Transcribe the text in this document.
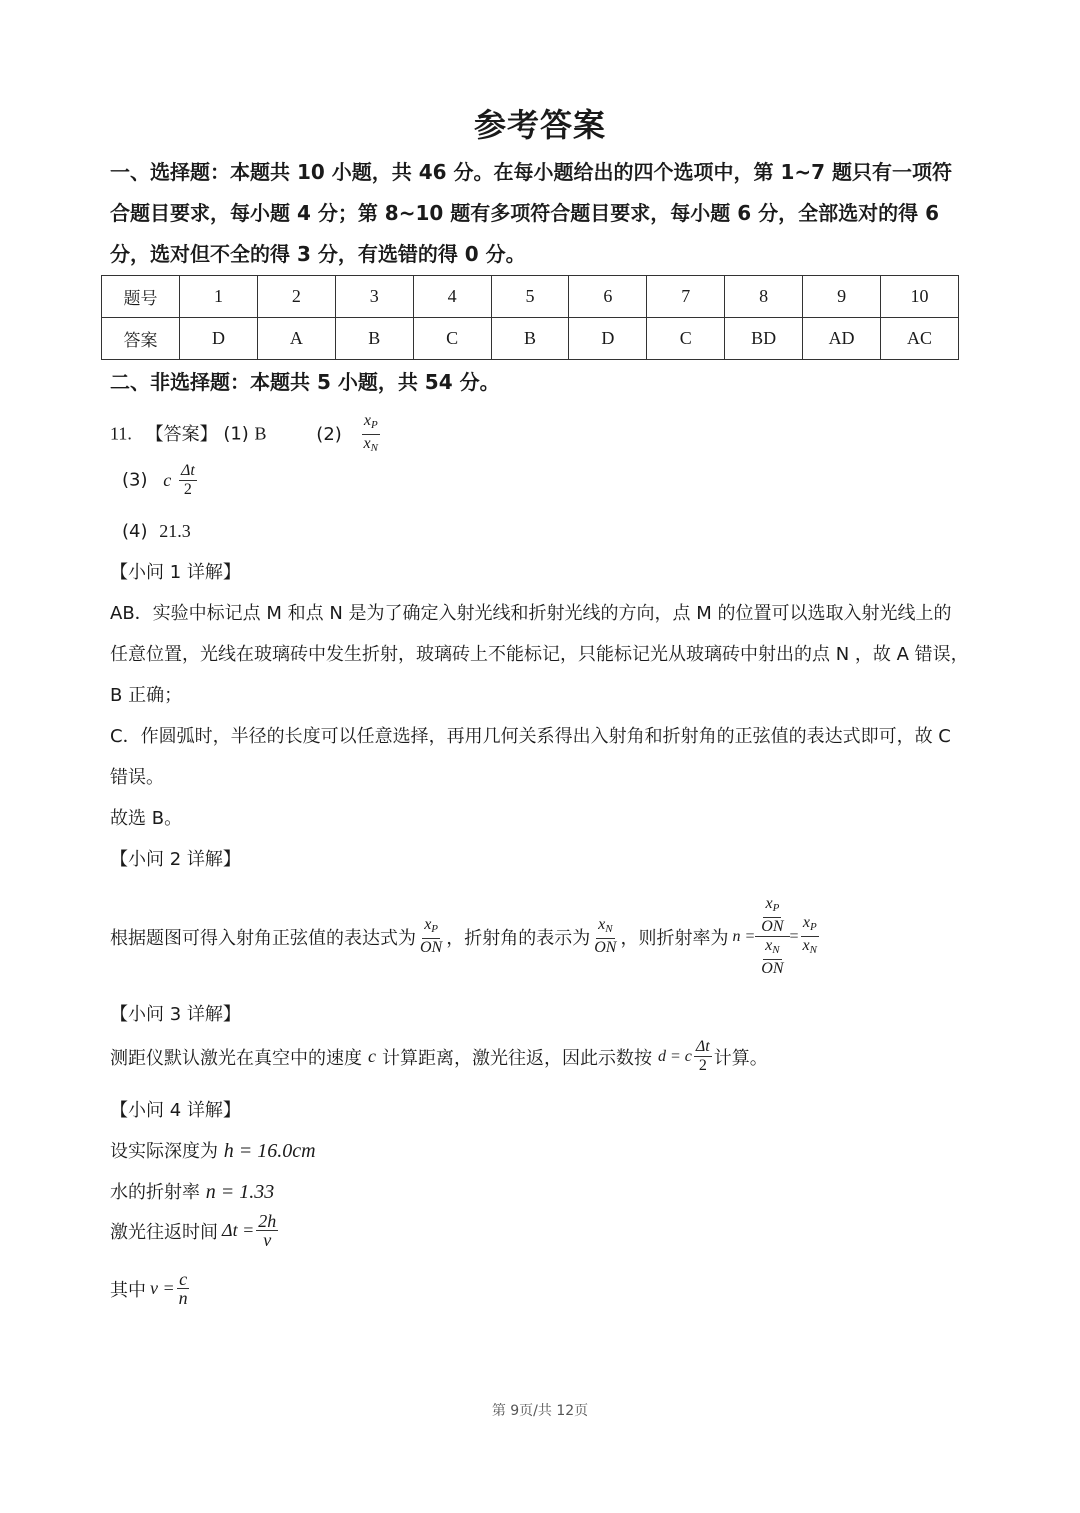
参考答案
一、选择题：本题共 10 小题，共 46 分。在每小题给出的四个选项中，第 1~7 题只有一项符合题目要求，每小题 4 分；第 8~10 题有多项符合题目要求，每小题 6 分，全部选对的得 6 分，选对但不全的得 3 分，有选错的得 0 分。
题号	1	2	3	4	5	6	7	8	9	10
答案	D	A	B	C	B	D	C	BD	AD	AC
二、非选择题：本题共 5 小题，共 54 分。
11. 【答案】 (1) B	$(2) \frac{x_P}{x_N}$
(3) c $\frac{\Delta t}{2}$
(4) 21.3
【小问 1 详解】
AB．实验中标记点 M 和点 N 是为了确定入射光线和折射光线的方向，点 M 的位置可以选取入射光线上的
任意位置，光线在玻璃砖中发生折射，玻璃砖上不能标记，只能标记光从玻璃砖中射出的点 N ，故 A 错误，
B 正确；
C．作圆弧时，半径的长度可以任意选择，再用几何关系得出入射角和折射角的正弦值的表达式即可，故 C
错误。
故选 B。
【小问 2 详解】
根据题图可得入射角正弦值的表达式为 $\frac{x_P}{ON}$ ，折射角的表示为 $\frac{x_N}{ON}$ ，则折射率为 $n = \frac{x_P}{ON}$
$\frac{x_N}{ON}$
= $\frac{x_P}{x_N}$
【小问 3 详解】
测距仪默认激光在真空中的速度 c 计算距离，激光往返，因此示数按 d = c $\frac{\Delta t}{2}$ 计算。
【小问 4 详解】
设实际深度为 h = 16.0cm
水的折射率 n = 1.33
激光往返时间 $\Delta t = \frac{2h}{v}$
其中 $v = \frac{c}{n}$
第 9页/共 12页
